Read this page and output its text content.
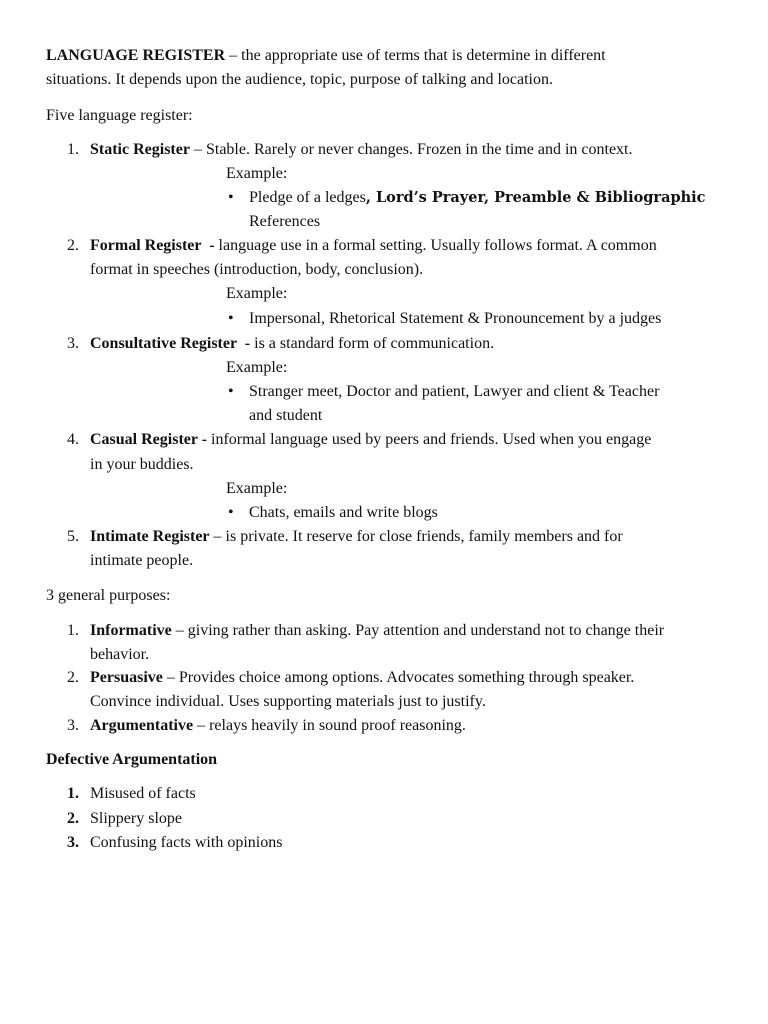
LANGUAGE REGISTER – the appropriate use of terms that is determine in different
situations. It depends upon the audience, topic, purpose of talking and location.
Five language register:
1. Static Register – Stable. Rarely or never changes. Frozen in the time and in context.
Example:
• Pledge of a ledges, Lord’s Prayer, Preamble & Bibliographic
References
2. Formal Register  - language use in a formal setting. Usually follows format. A common
format in speeches (introduction, body, conclusion).
Example:
• Impersonal, Rhetorical Statement & Pronouncement by a judges
3. Consultative Register  - is a standard form of communication.
Example:
• Stranger meet, Doctor and patient, Lawyer and client & Teacher
and student
4. Casual Register - informal language used by peers and friends. Used when you engage
in your buddies.
Example:
• Chats, emails and write blogs
5. Intimate Register – is private. It reserve for close friends, family members and for
intimate people.
3 general purposes:
1. Informative – giving rather than asking. Pay attention and understand not to change their
behavior.
2. Persuasive – Provides choice among options. Advocates something through speaker.
Convince individual. Uses supporting materials just to justify.
3. Argumentative – relays heavily in sound proof reasoning.
Defective Argumentation
1. Misused of facts
2. Slippery slope
3. Confusing facts with opinions
